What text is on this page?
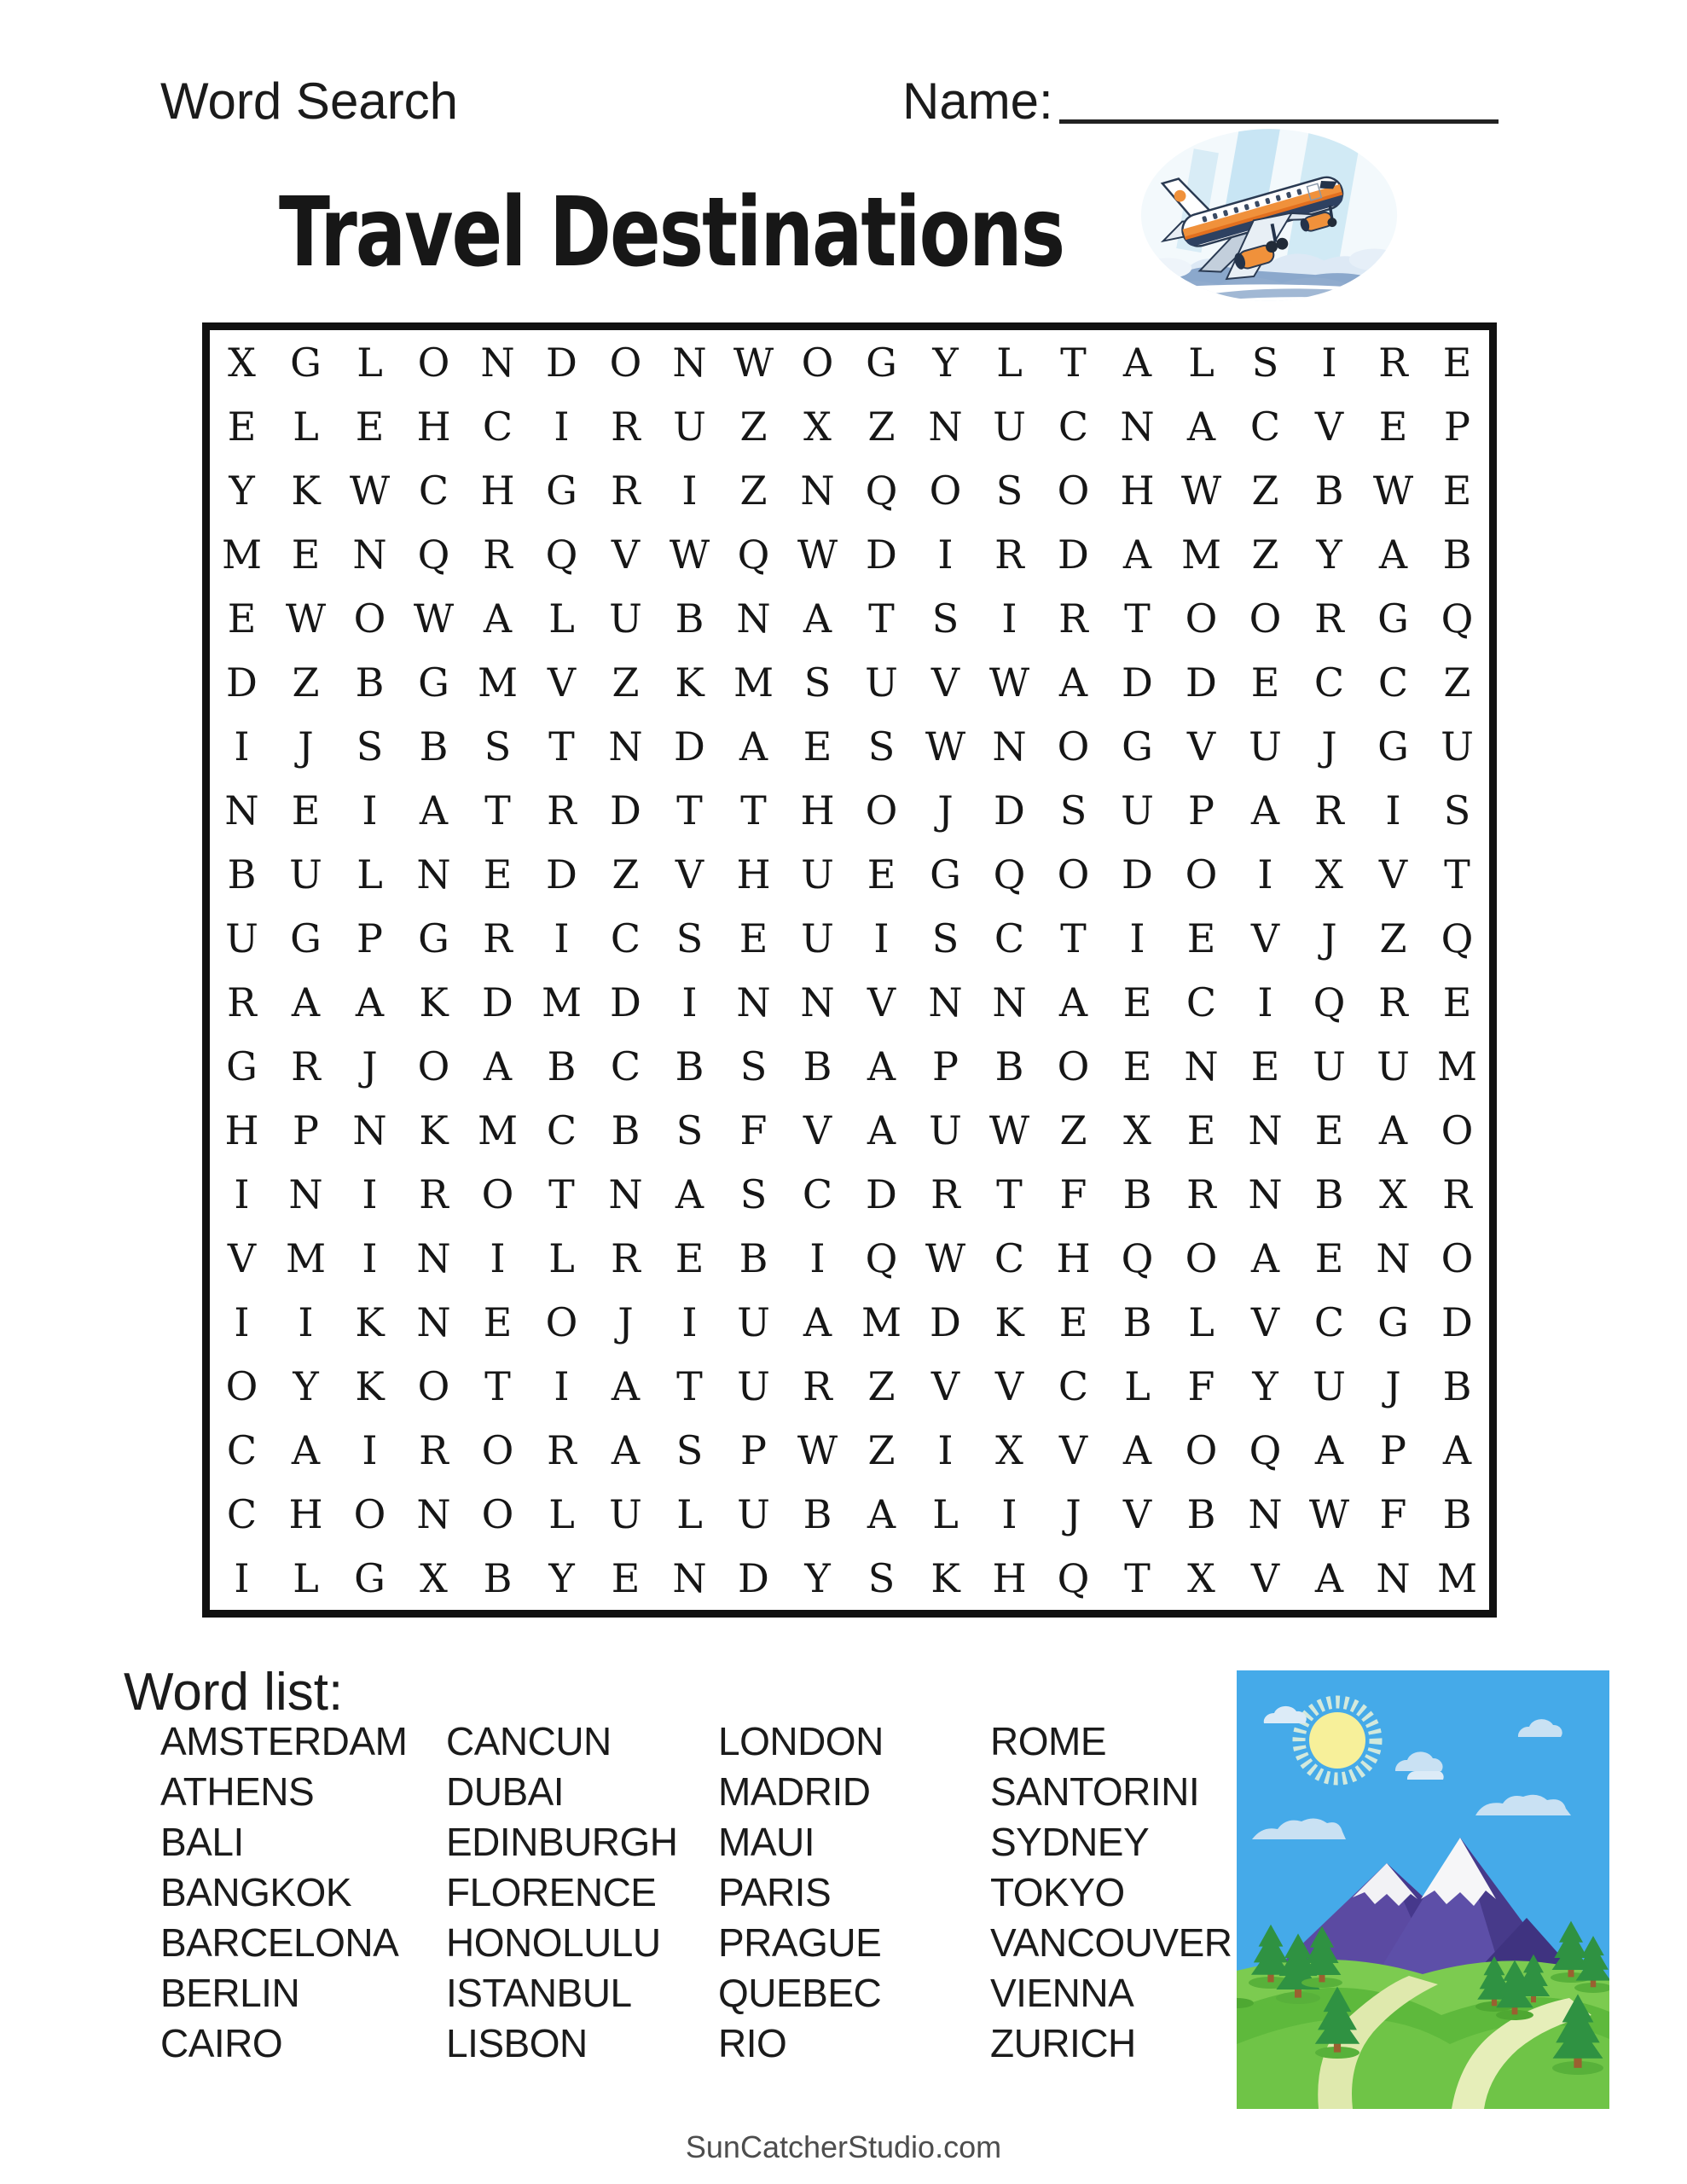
Word Search	Name:
Travel Destinations
X G L O N D O N W O G Y L T A L S	I	R E
E L E H C	I	R U Z X Z N U C N A C V E P
Y K W C H G R	I	Z N Q O S O H W Z B W E
M E N Q R Q V W Q W D	I	R D A M Z Y A B
E W O W A L U B N A T S	I	R T O O R G Q
D Z B G M V Z K M S U V W A D D E C C Z
I	J	S B S T N D A E S W N O G V U	J	G U
N E	I	A T R D T T H O	J	D S U P A R	I	S
B U L N E D Z V H U E G Q O D O	I	X V T
U G P G R	I	C S E U	I	S C T	I	E V	J	Z Q
R A A K D M D	I N N V N N A E C	I	Q R E
G R	J	O A B C B S B A P B O E N E U U M
H P N K M C B S F V A U W Z X E N E A O
I N I	R O T N A S C D R T F B R N B X R
V M I N I	L R E B	I	Q W C H Q O A E N O
I	I	K N E O	J	I	U A M D K E B L V C G D
O Y K O T	I	A T U R Z V V C L F Y U	J	B
C A	I	R O R A S P W Z	I	X V A O Q A P A
C H O N O L U L U B A L	I	J	V B N W F B
I	L G X B Y E N D Y S K H Q T X V A N M
Word list:
AMSTERDAM
ATHENS
BALI
BANGKOK
BARCELONA
BERLIN
CAIRO
CANCUN
DUBAI
EDINBURGH
FLORENCE
HONOLULU
ISTANBUL
LISBON
LONDON
MADRID
MAUI
PARIS
PRAGUE
QUEBEC
RIO
ROME
SANTORINI
SYDNEY
TOKYO
VANCOUVER
VIENNA
ZURICH
SunCatcherStudio.com
